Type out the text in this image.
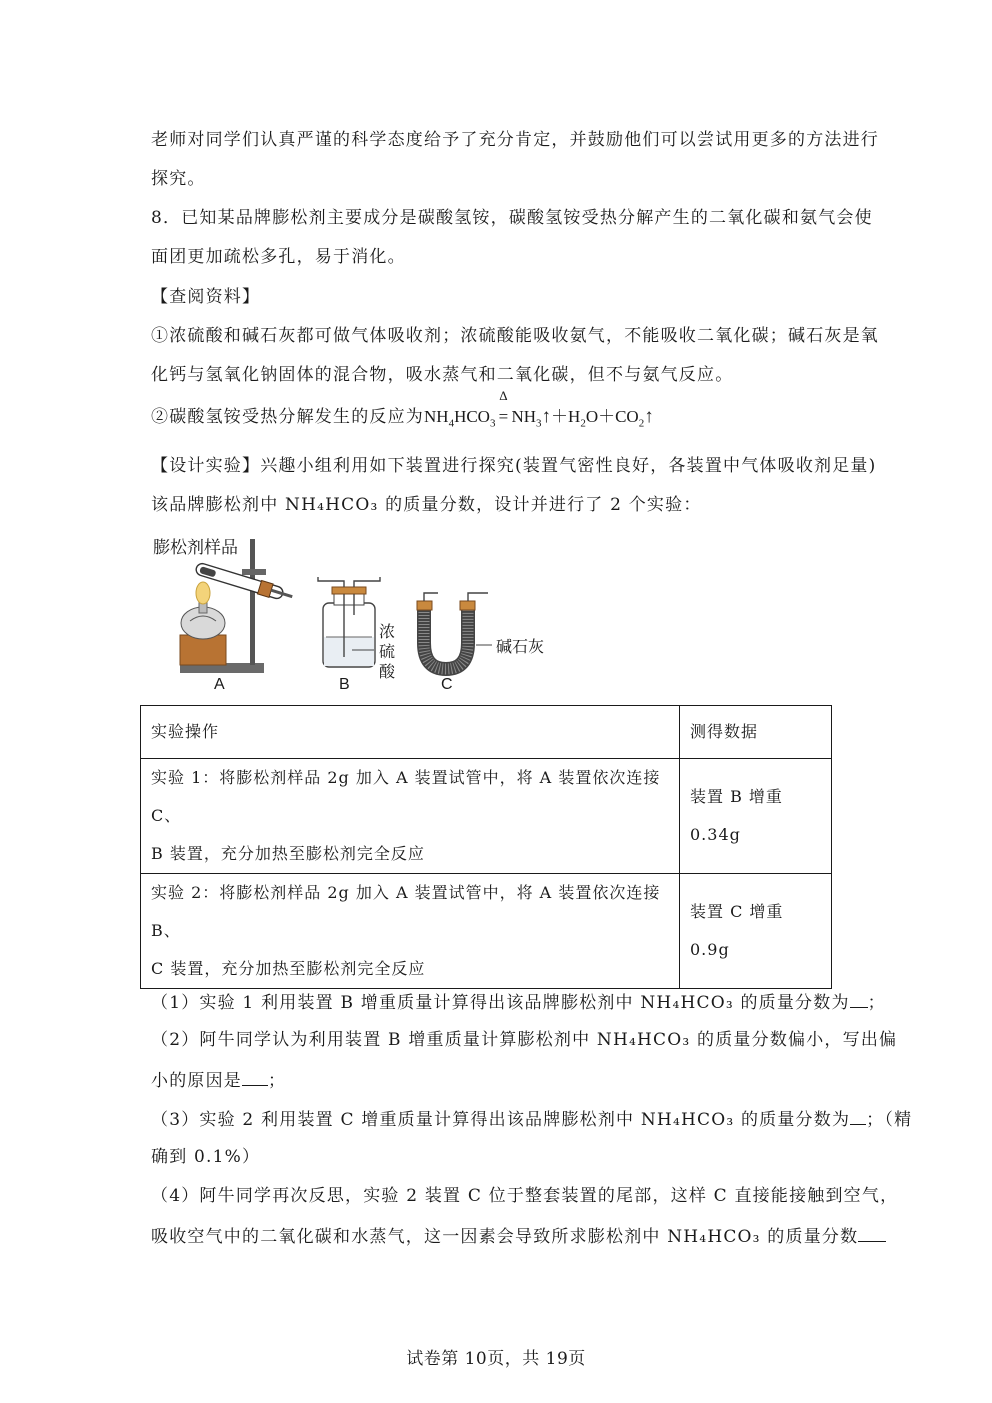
老师对同学们认真严谨的科学态度给予了充分肯定，并鼓励他们可以尝试用更多的方法进行
探究。
8．已知某品牌膨松剂主要成分是碳酸氢铵，碳酸氢铵受热分解产生的二氧化碳和氨气会使
面团更加疏松多孔，易于消化。
【查阅资料】
①浓硫酸和碱石灰都可做气体吸收剂；浓硫酸能吸收氨气，不能吸收二氧化碳；碱石灰是氧
化钙与氢氧化钠固体的混合物，吸水蒸气和二氧化碳，但不与氨气反应。
②碳酸氢铵受热分解发生的反应为$NH_4HCO_3$
Δ
= $NH_3↑+H_2O+CO_2↑$
【设计实验】兴趣小组利用如下装置进行探究(装置气密性良好，各装置中气体吸收剂足量)
该品牌膨松剂中 NH₄HCO₃ 的质量分数，设计并进行了 2 个实验：
膨松剂样品
浓
硫
酸
碱石灰
A	B	C
实验操作	测得数据

实验 1：将膨松剂样品 2g 加入 A 装置试管中，将 A 装置依次连接 C、
B 装置，充分加热至膨松剂完全反应	装置 B 增重 0.34g

实验 2：将膨松剂样品 2g 加入 A 装置试管中，将 A 装置依次连接 B、
C 装置，充分加热至膨松剂完全反应	装置 C 增重 0.9g
（1）实验 1 利用装置 B 增重质量计算得出该品牌膨松剂中 NH₄HCO₃ 的质量分数为 ；
（2）阿牛同学认为利用装置 B 增重质量计算膨松剂中 NH₄HCO₃ 的质量分数偏小，写出偏
小的原因是 ；
（3）实验 2 利用装置 C 增重质量计算得出该品牌膨松剂中 NH₄HCO₃ 的质量分数为 ；（精
确到 0.1%）
（4）阿牛同学再次反思，实验 2 装置 C 位于整套装置的尾部，这样 C 直接能接触到空气，
吸收空气中的二氧化碳和水蒸气，这一因素会导致所求膨松剂中 NH₄HCO₃ 的质量分数
试卷第 10页，共 19页
